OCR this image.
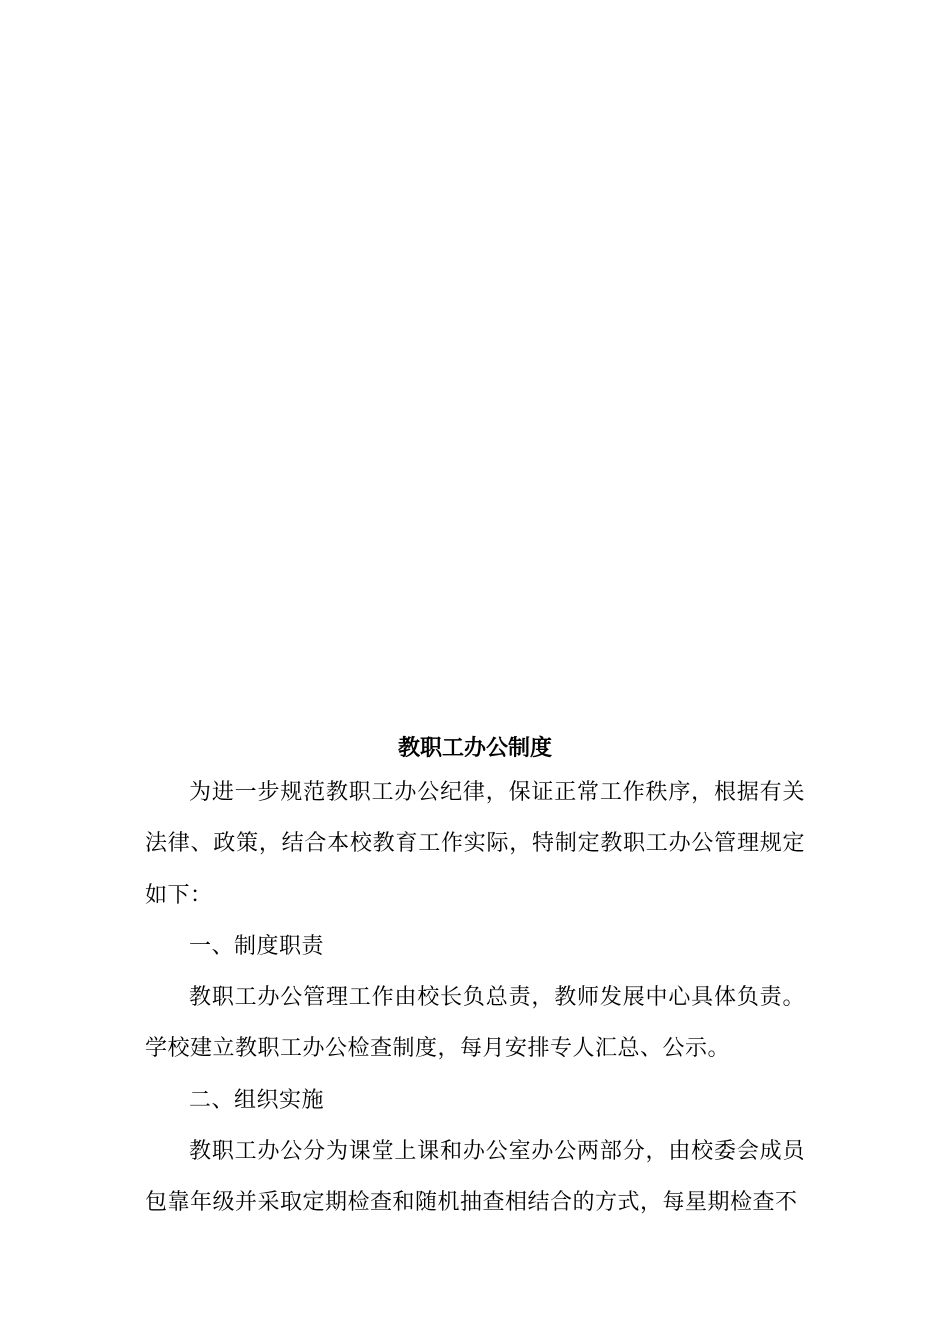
教职工办公制度

为进一步规范教职工办公纪律，保证正常工作秩序，根据有关法律、政策，结合本校教育工作实际，特制定教职工办公管理规定如下：

一、制度职责

教职工办公管理工作由校长负总责，教师发展中心具体负责。学校建立教职工办公检查制度，每月安排专人汇总、公示。

二、组织实施

教职工办公分为课堂上课和办公室办公两部分，由校委会成员包靠年级并采取定期检查和随机抽查相结合的方式，每星期检查不
